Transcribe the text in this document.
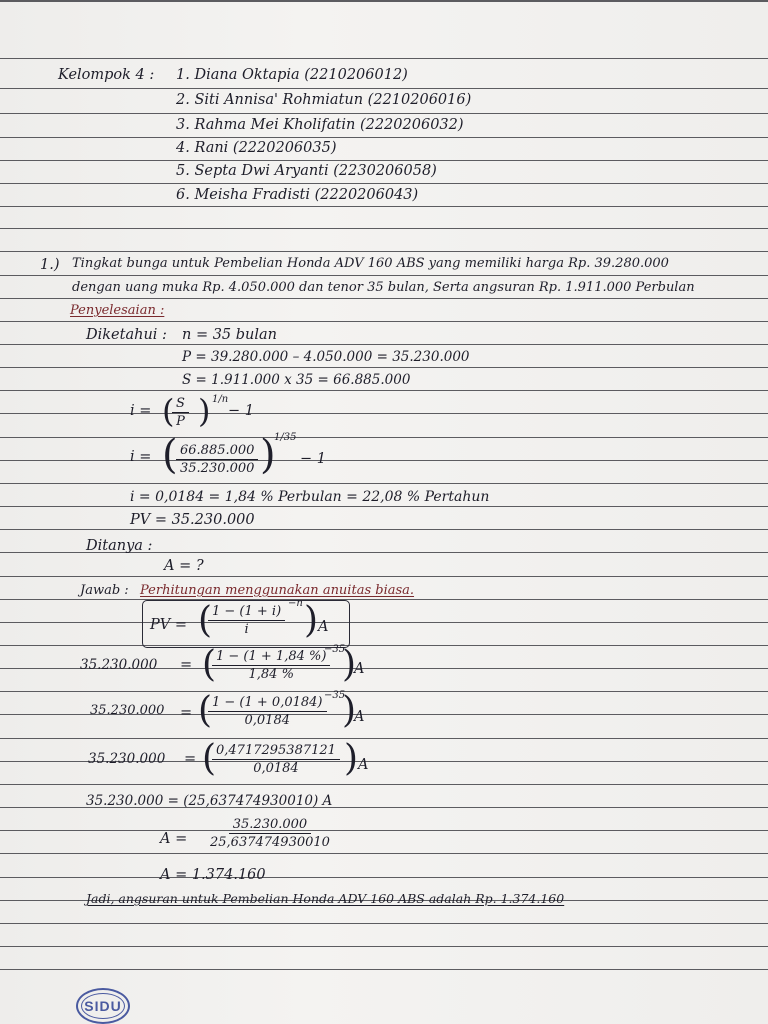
Kelompok 4 : 1. Diana Oktapia (2210206012)
2. Siti Annisa' Rohmiatun (2210206016)
3. Rahma Mei Kholifatin (2220206032)
4. Rani (2220206035)
5. Septa Dwi Aryanti (2230206058)
6. Meisha Fradisti (2220206043)
1.) Tingkat bunga untuk Pembelian Honda ADV 160 ABS yang memiliki harga Rp. 39.280.000
dengan uang muka Rp. 4.050.000 dan tenor 35 bulan, Serta angsuran Rp. 1.911.000 Perbulan
Penyelesaian :
Diketahui : n = 35 bulan
P = 39.280.000 – 4.050.000 = 35.230.000
S = 1.911.000 x 35 = 66.885.000
i = (
$\frac{S}{P}$ ) 1/n
− 1
i = (
$\frac{66.885.000}{35.230.000}$ )
1/35
− 1
i = 0,0184 = 1,84 % Perbulan = 22,08 % Pertahun
PV = 35.230.000
Ditanya :
A = ?
Jawab : Perhitungan menggunakan anuitas biasa.
PV = (
$\frac{1 - (1 + i)}{i} -n$ ) A
35.230.000 = (
$\frac{1 - (1 + 1,84 \%)}{1,84 \%}$
−35
)
A
35.230.000 = (
$\frac{1 - (1 + 0,0184)}{0,0184}$
−35
)
A
35.230.000 = (
$\frac{0,4717295387121}{0,0184}$ ) A
35.230.000 = (25,637474930010) A
$A = \frac{35.230.000}{25,637474930010}$
A = 1.374.160
Jadi, angsuran untuk Pembelian Honda ADV 160 ABS adalah Rp. 1.374.160
SIDU
